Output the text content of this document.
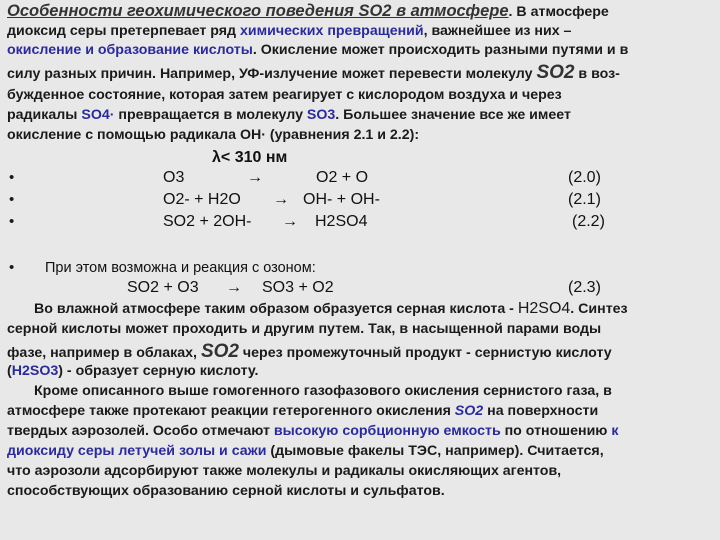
Особенности геохимического поведения SO2 в атмосфере. В атмосфере
диоксид серы претерпевает ряд химических превращений, важнейшее из них –
окисление и образование кислоты. Окисление может происходить разными путями и в
силу разных причин. Например, УФ-излучение может перевести молекулу SO2 в воз-
бужденное состояние, которая затем реагирует с кислородом воздуха и через
радикалы SO4· превращается в молекулу SO3. Большее значение все же имеет
окисление с помощью радикала OH· (уравнения 2.1 и 2.2):
λ< 310 нм
•	O3	→	O2 + O	(2.0)
•	O2- + H2O → OH- + OH-	(2.1)
•	SO2 + 2OH- → H2SO4	(2.2)
• При этом возможна и реакция с озоном:
SO2 + O3 → SO3 + O2	(2.3)
Во влажной атмосфере таким образом образуется серная кислота - H2SO4. Синтез
серной кислоты может проходить и другим путем. Так, в насыщенной парами воды
фазе, например в облаках, SO2 через промежуточный продукт - сернистую кислоту
(H2SO3) - образует серную кислоту.
Кроме описанного выше гомогенного газофазового окисления сернистого газа, в
атмосфере также протекают реакции гетерогенного окисления SO2 на поверхности
твердых аэрозолей. Особо отмечают высокую сорбционную емкость по отношению к
диоксиду серы летучей золы и сажи (дымовые факелы ТЭС, например). Считается,
что аэрозоли адсорбируют также молекулы и радикалы окисляющих агентов,
способствующих образованию серной кислоты и сульфатов.
